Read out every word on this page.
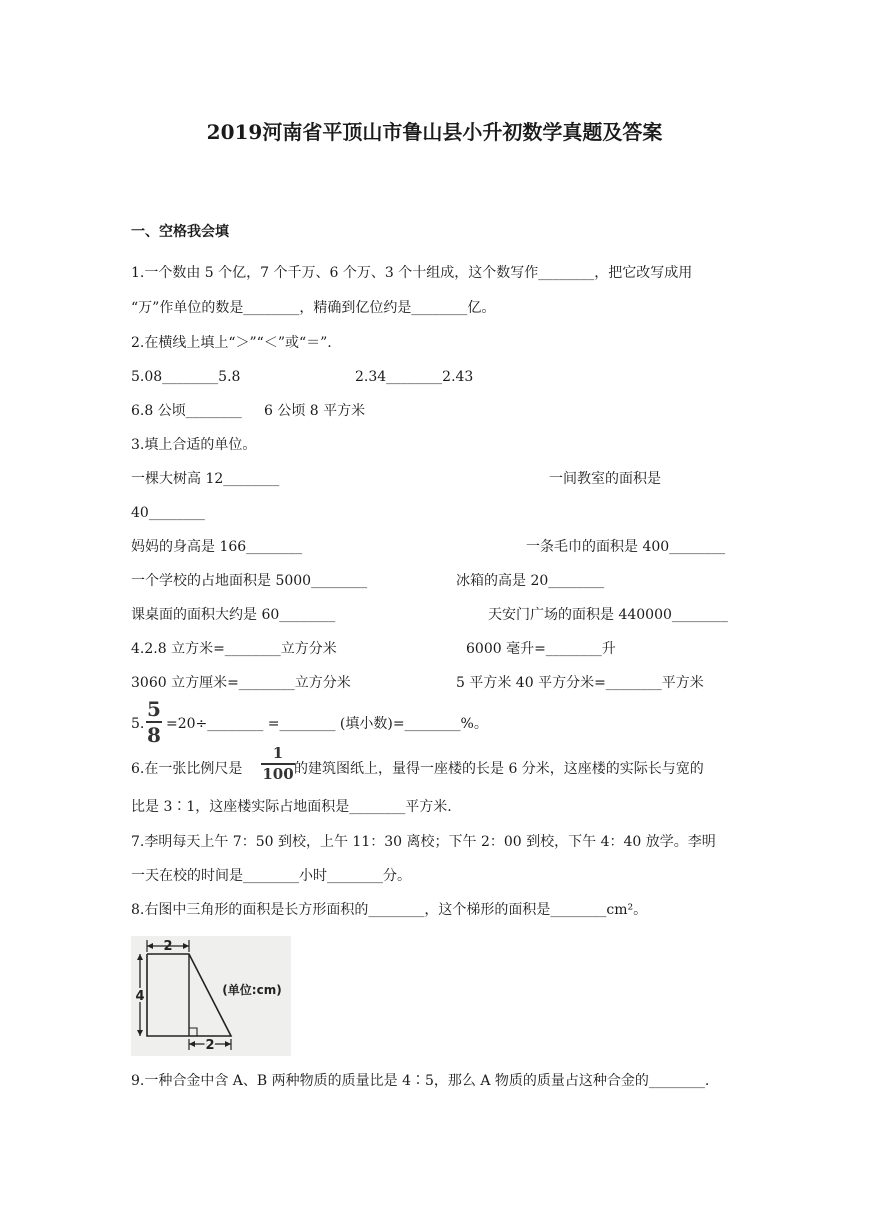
2019河南省平顶山市鲁山县小升初数学真题及答案
一、空格我会填
1.一个数由 5 个亿，7 个千万、6 个万、3 个十组成，这个数写作________，把它改写成用
“万”作单位的数是________，精确到亿位约是________亿。
2.在横线上填上“＞”“＜”或“＝”.
5.08________5.8	2.34________2.43
6.8 公顷________ 6 公顷 8 平方米
3.填上合适的单位。
一棵大树高 12________	一间教室的面积是
40________
妈妈的身高是 166________	一条毛巾的面积是 400________
一个学校的占地面积是 5000________	冰箱的高是 20________
课桌面的面积大约是 60________	天安门广场的面积是 440000________
4.2.8 立方米=________立方分米	6000 毫升=________升
3060 立方厘米=________立方分米	5 平方米 40 平方分米=________平方米
5.
5
8 =20÷________ =________ (填小数)=________%。
6.在一张比例尺是
1
100 的建筑图纸上，量得一座楼的长是 6 分米，这座楼的实际长与宽的
比是 3∶1，这座楼实际占地面积是________平方米.
7.李明每天上午 7：50 到校，上午 11：30 离校；下午 2：00 到校，下午 4：40 放学。李明
一天在校的时间是________小时________分。
8.右图中三角形的面积是长方形面积的________，这个梯形的面积是________cm²。
2
4
2
(单位:cm)
9.一种合金中含 A、B 两种物质的质量比是 4∶5，那么 A 物质的质量占这种合金的________.
